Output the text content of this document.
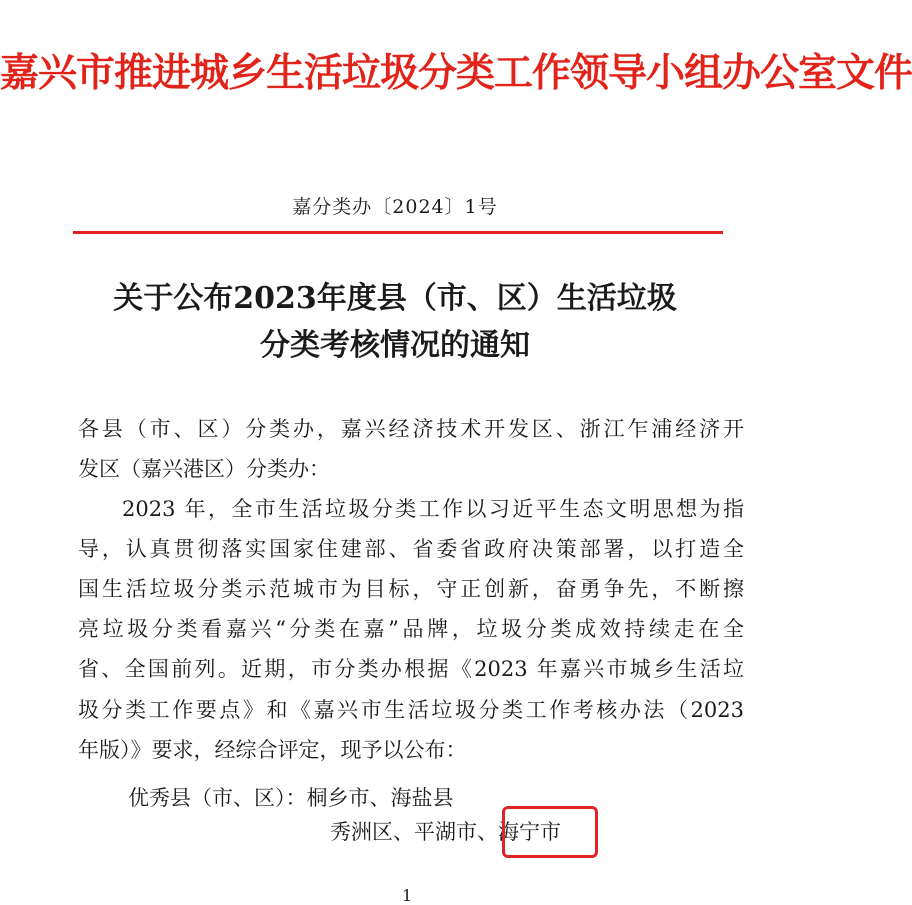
嘉兴市推进城乡生活垃圾分类工作领导小组办公室文件
嘉分类办〔2024〕1号
关于公布2023年度县（市、区）生活垃圾
分类考核情况的通知
各县（市、区）分类办，嘉兴经济技术开发区、浙江乍浦经济开
发区（嘉兴港区）分类办：
2023 年，全市生活垃圾分类工作以习近平生态文明思想为指
导，认真贯彻落实国家住建部、省委省政府决策部署，以打造全
国生活垃圾分类示范城市为目标，守正创新，奋勇争先，不断擦
亮垃圾分类看嘉兴“分类在嘉”品牌，垃圾分类成效持续走在全
省、全国前列。近期，市分类办根据《2023 年嘉兴市城乡生活垃
圾分类工作要点》和《嘉兴市生活垃圾分类工作考核办法（2023
年版）》要求，经综合评定，现予以公布：
优秀县（市、区）：桐乡市、海盐县
秀洲区、平湖市、海宁市
1
